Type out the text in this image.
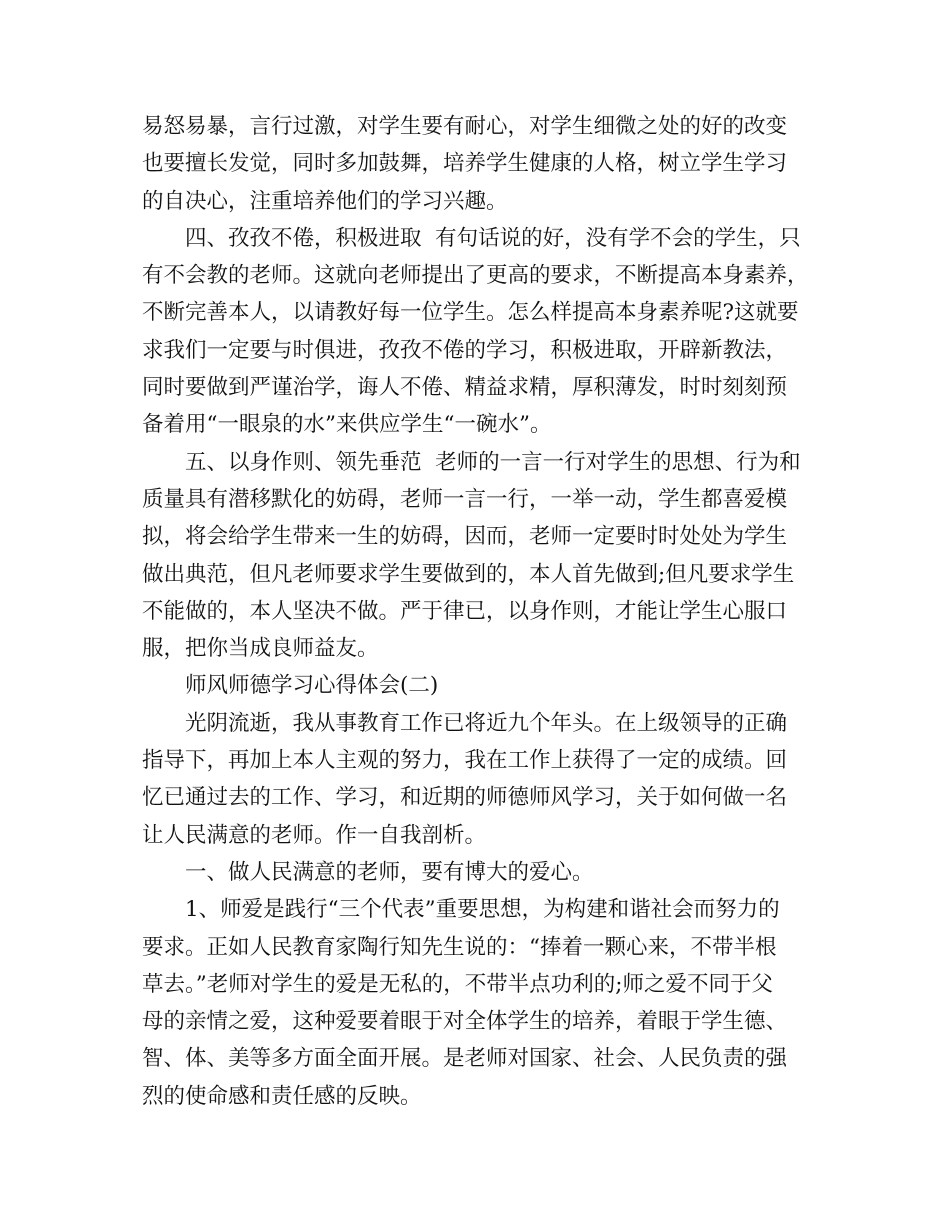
易怒易暴，言行过激，对学生要有耐心，对学生细微之处的好的改变
也要擅长发觉，同时多加鼓舞，培养学生健康的人格，树立学生学习
的自决心，注重培养他们的学习兴趣。
四、孜孜不倦，积极进取  有句话说的好，没有学不会的学生，只
有不会教的老师。这就向老师提出了更高的要求，不断提高本身素养，
不断完善本人，以请教好每一位学生。怎么样提高本身素养呢?这就要
求我们一定要与时俱进，孜孜不倦的学习，积极进取，开辟新教法，
同时要做到严谨治学，诲人不倦、精益求精，厚积薄发，时时刻刻预
备着用“一眼泉的水”来供应学生“一碗水”。
五、以身作则、领先垂范  老师的一言一行对学生的思想、行为和
质量具有潜移默化的妨碍，老师一言一行，一举一动，学生都喜爱模
拟，将会给学生带来一生的妨碍，因而，老师一定要时时处处为学生
做出典范，但凡老师要求学生要做到的，本人首先做到;但凡要求学生
不能做的，本人坚决不做。严于律已，以身作则，才能让学生心服口
服，把你当成良师益友。
师风师德学习心得体会(二)
光阴流逝，我从事教育工作已将近九个年头。在上级领导的正确
指导下，再加上本人主观的努力，我在工作上获得了一定的成绩。回
忆已通过去的工作、学习，和近期的师德师风学习，关于如何做一名
让人民满意的老师。作一自我剖析。
一、做人民满意的老师，要有博大的爱心。
1、师爱是践行“三个代表”重要思想，为构建和谐社会而努力的
要求。正如人民教育家陶行知先生说的：“捧着一颗心来，不带半根
草去。”老师对学生的爱是无私的，不带半点功利的;师之爱不同于父
母的亲情之爱，这种爱要着眼于对全体学生的培养，着眼于学生德、
智、体、美等多方面全面开展。是老师对国家、社会、人民负责的强
烈的使命感和责任感的反映。
